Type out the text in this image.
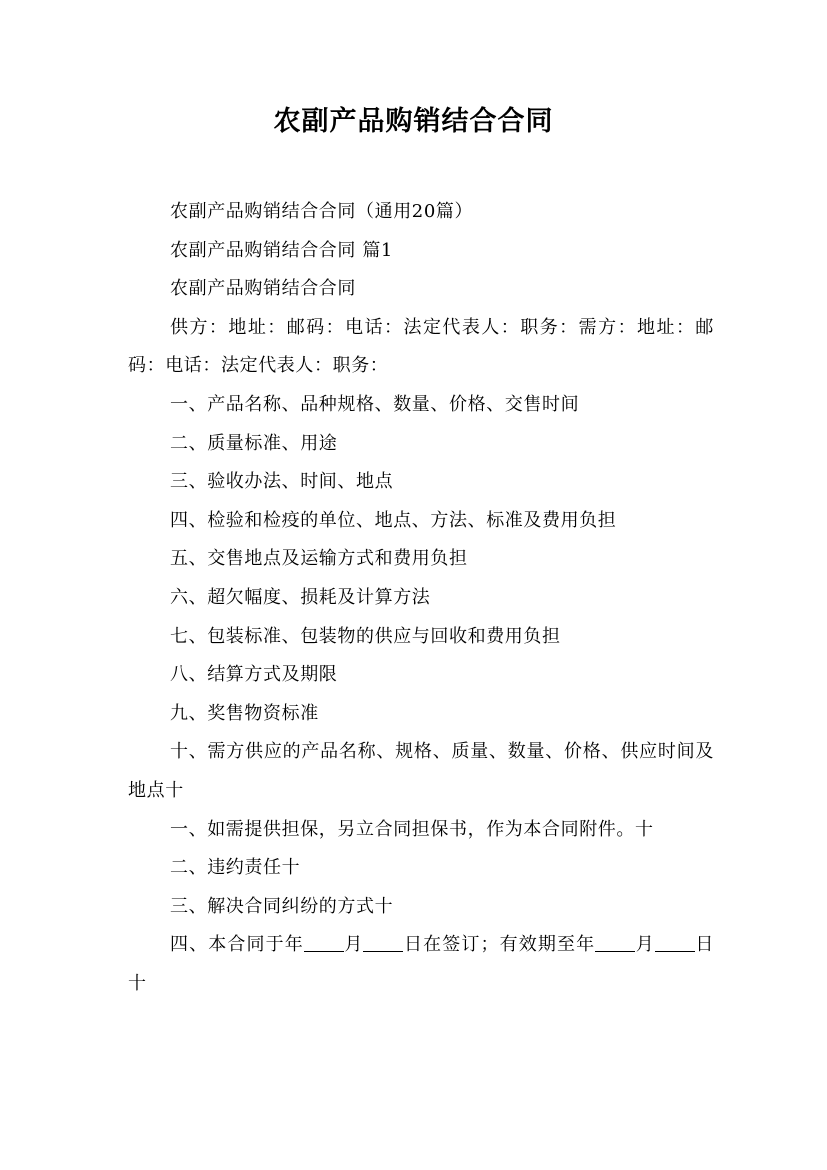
农副产品购销结合合同

农副产品购销结合合同（通用20篇）

农副产品购销结合合同 篇1

农副产品购销结合合同

供方：地址：邮码：电话：法定代表人：职务：需方：地址：邮码：电话：法定代表人：职务：

一、产品名称、品种规格、数量、价格、交售时间

二、质量标准、用途

三、验收办法、时间、地点

四、检验和检疫的单位、地点、方法、标准及费用负担

五、交售地点及运输方式和费用负担

六、超欠幅度、损耗及计算方法

七、包装标准、包装物的供应与回收和费用负担

八、结算方式及期限

九、奖售物资标准

十、需方供应的产品名称、规格、质量、数量、价格、供应时间及地点十

一、如需提供担保，另立合同担保书，作为本合同附件。十

二、违约责任十

三、解决合同纠纷的方式十

四、本合同于年 月 日在签订；有效期至年 月 日十
